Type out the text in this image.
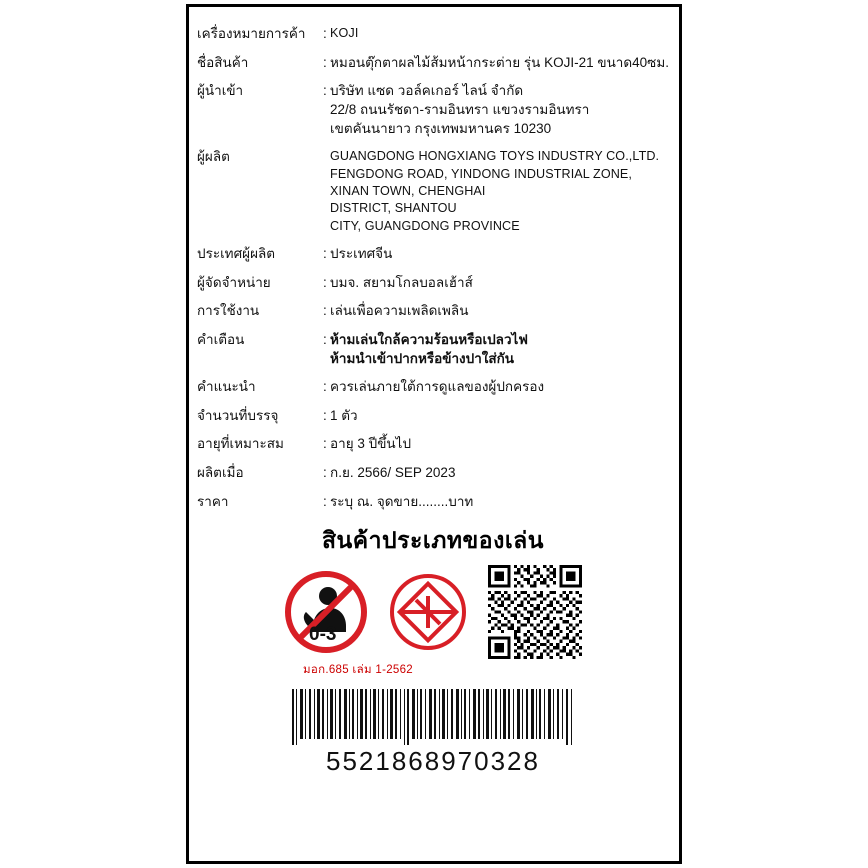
เครื่องหมายการค้า	:	KOJI

ชื่อสินค้า	:	หมอนตุ๊กตาผลไม้ส้มหน้ากระต่าย รุ่น KOJI-21 ขนาด40ซม.

ผู้นำเข้า	:	บริษัท แซด วอล์คเกอร์ ไลน์ จำกัด
22/8 ถนนรัชดา-รามอินทรา แขวงรามอินทรา
เขตคันนายาว กรุงเทพมหานคร 10230

ผู้ผลิต		GUANGDONG HONGXIANG TOYS INDUSTRY CO.,LTD.
FENGDONG ROAD, YINDONG INDUSTRIAL ZONE,
XINAN TOWN, CHENGHAI
DISTRICT, SHANTOU
CITY, GUANGDONG PROVINCE

ประเทศผู้ผลิต	:	ประเทศจีน

ผู้จัดจำหน่าย	:	บมจ. สยามโกลบอลเฮ้าส์

การใช้งาน	:	เล่นเพื่อความเพลิดเพลิน

คำเตือน	:	ห้ามเล่นใกล้ความร้อนหรือเปลวไฟ
ห้ามนำเข้าปากหรือข้างปาใส่กัน

คำแนะนำ	:	ควรเล่นภายใต้การดูแลของผู้ปกครอง

จำนวนที่บรรจุ	:	1 ตัว

อายุที่เหมาะสม	:	อายุ 3 ปีขึ้นไป

ผลิตเมื่อ	:	ก.ย. 2566/ SEP 2023

ราคา	:	ระบุ ณ. จุดขาย........บาท
สินค้าประเภทของเล่น
0-3
มอก.685 เล่ม 1-2562
5521868970328
